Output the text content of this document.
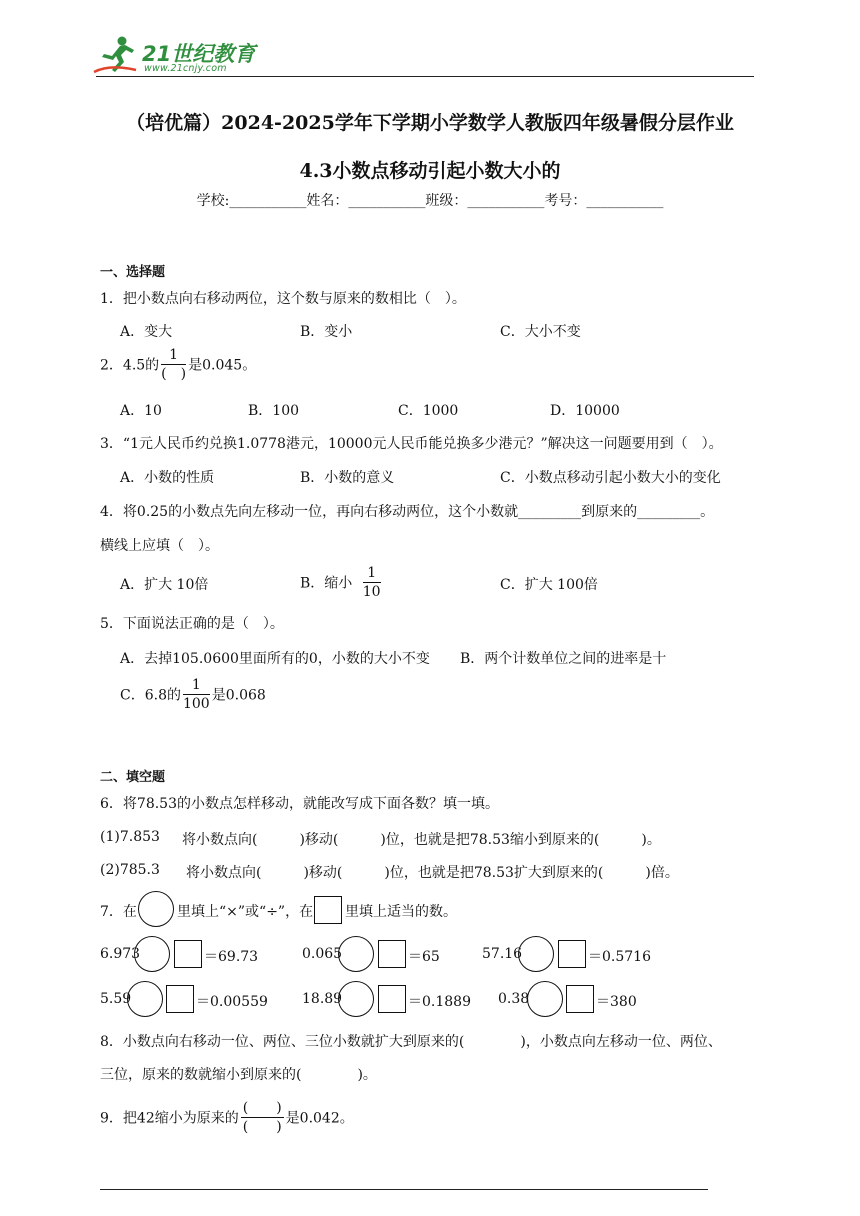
21世纪教育
www.21cnjy.com
（培优篇）2024-2025学年下学期小学数学人教版四年级暑假分层作业
4.3小数点移动引起小数大小的
学校:___________姓名：___________班级：___________考号：___________
一、选择题
1．把小数点向右移动两位，这个数与原来的数相比（　）。
A．变大	B．变小	C．大小不变
2．4.5的 $\frac{1}{( )}$ 是0.045。
A．10	B．100	C．1000	D．10000
3．“1元人民币约兑换1.0778港元，10000元人民币能兑换多少港元？”解决这一问题要用到（　）。
A．小数的性质	B．小数的意义	C．小数点移动引起小数大小的变化
4．将0.25的小数点先向左移动一位，再向右移动两位，这个小数就_________到原来的_________。
横线上应填（　）。
A．扩大 10倍	B．缩小 $\frac{1}{10}$	C．扩大 100倍
5．下面说法正确的是（　）。
A．去掉105.0600里面所有的0，小数的大小不变 B．两个计数单位之间的进率是十
C．6.8的 $\frac{1}{100}$ 是0.068
二、填空题
6．将78.53的小数点怎样移动，就能改写成下面各数？填一填。
(1)7.853 将小数点向(　　　)移动(　　　)位，也就是把78.53缩小到原来的(　　　)。
(2)785.3 将小数点向(　　　)移动(　　　)位，也就是把78.53扩大到原来的(　　　)倍。
7．在	里填上“×”或“÷”，在 里填上适当的数。
6.973	＝69.73	0.065	＝65	57.16	＝0.5716
5.59	＝0.00559 18.89	＝0.1889 0.38	＝380
8．小数点向右移动一位、两位、三位小数就扩大到原来的(　　　　)，小数点向左移动一位、两位、
三位，原来的数就缩小到原来的(　　　　)。
9．把42缩小为原来的 $\frac{( )}{( )}$ 是0.042。
